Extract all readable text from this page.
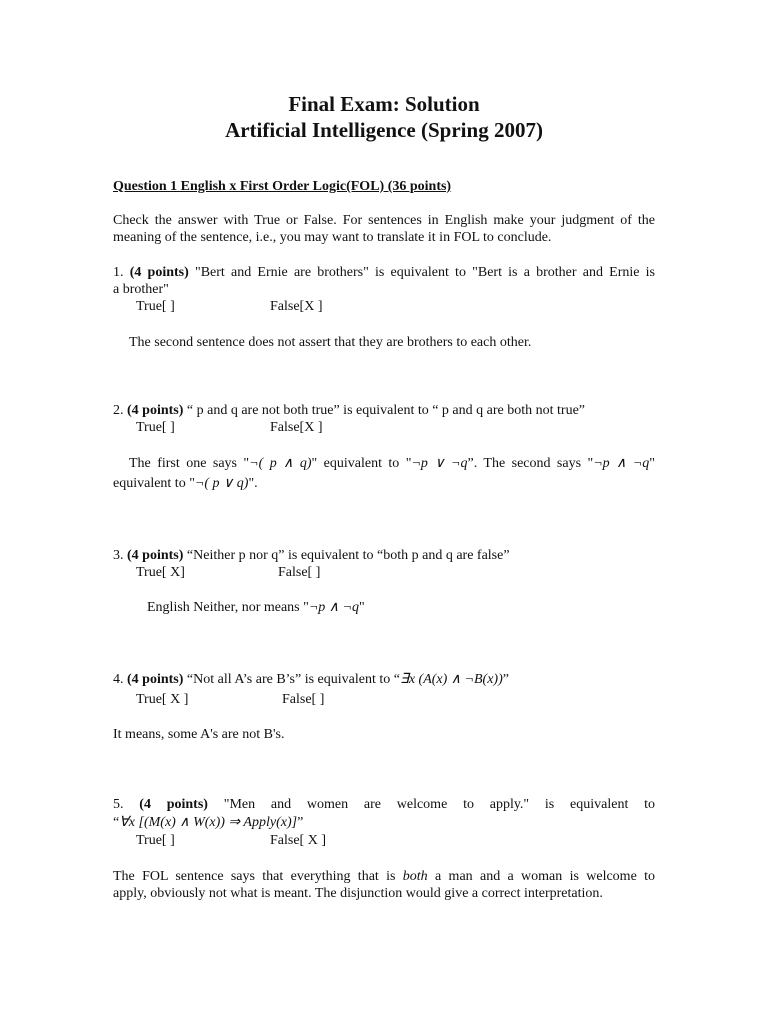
Final Exam: Solution
Artificial Intelligence (Spring 2007)
Question 1 English x First Order Logic(FOL) (36 points)
Check the answer with True or False. For sentences in English make your judgment of the meaning of the sentence, i.e., you may want to translate it in FOL to conclude.
1. (4 points) "Bert and Ernie are brothers" is equivalent to "Bert is a brother and Ernie is
a brother"
True[ ]	False[X ]
The second sentence does not assert that they are brothers to each other.
2. (4 points) “ p and q are not both true” is equivalent to “ p and q are both not true”
True[ ]	False[X ]
The first one says "¬( p ∧ q)" equivalent to "¬p ∨ ¬q”. The second says "¬p ∧ ¬q"
equivalent to "¬( p ∨ q)".
3. (4 points) “Neither p nor q” is equivalent to “both p and q are false”
True[ X]	False[ ]
English Neither, nor means "¬p ∧ ¬q"
4. (4 points) “Not all A’s are B’s” is equivalent to “∃x (A(x) ∧ ¬B(x))”
True[ X ]	False[ ]
It means, some A's are not B's.
5. (4 points) "Men and women are welcome to apply." is equivalent to
“∀x [(M(x) ∧ W(x)) ⇒ Apply(x)]”
True[ ]	False[ X ]
The FOL sentence says that everything that is both a man and a woman is welcome to
apply, obviously not what is meant. The disjunction would give a correct interpretation.
